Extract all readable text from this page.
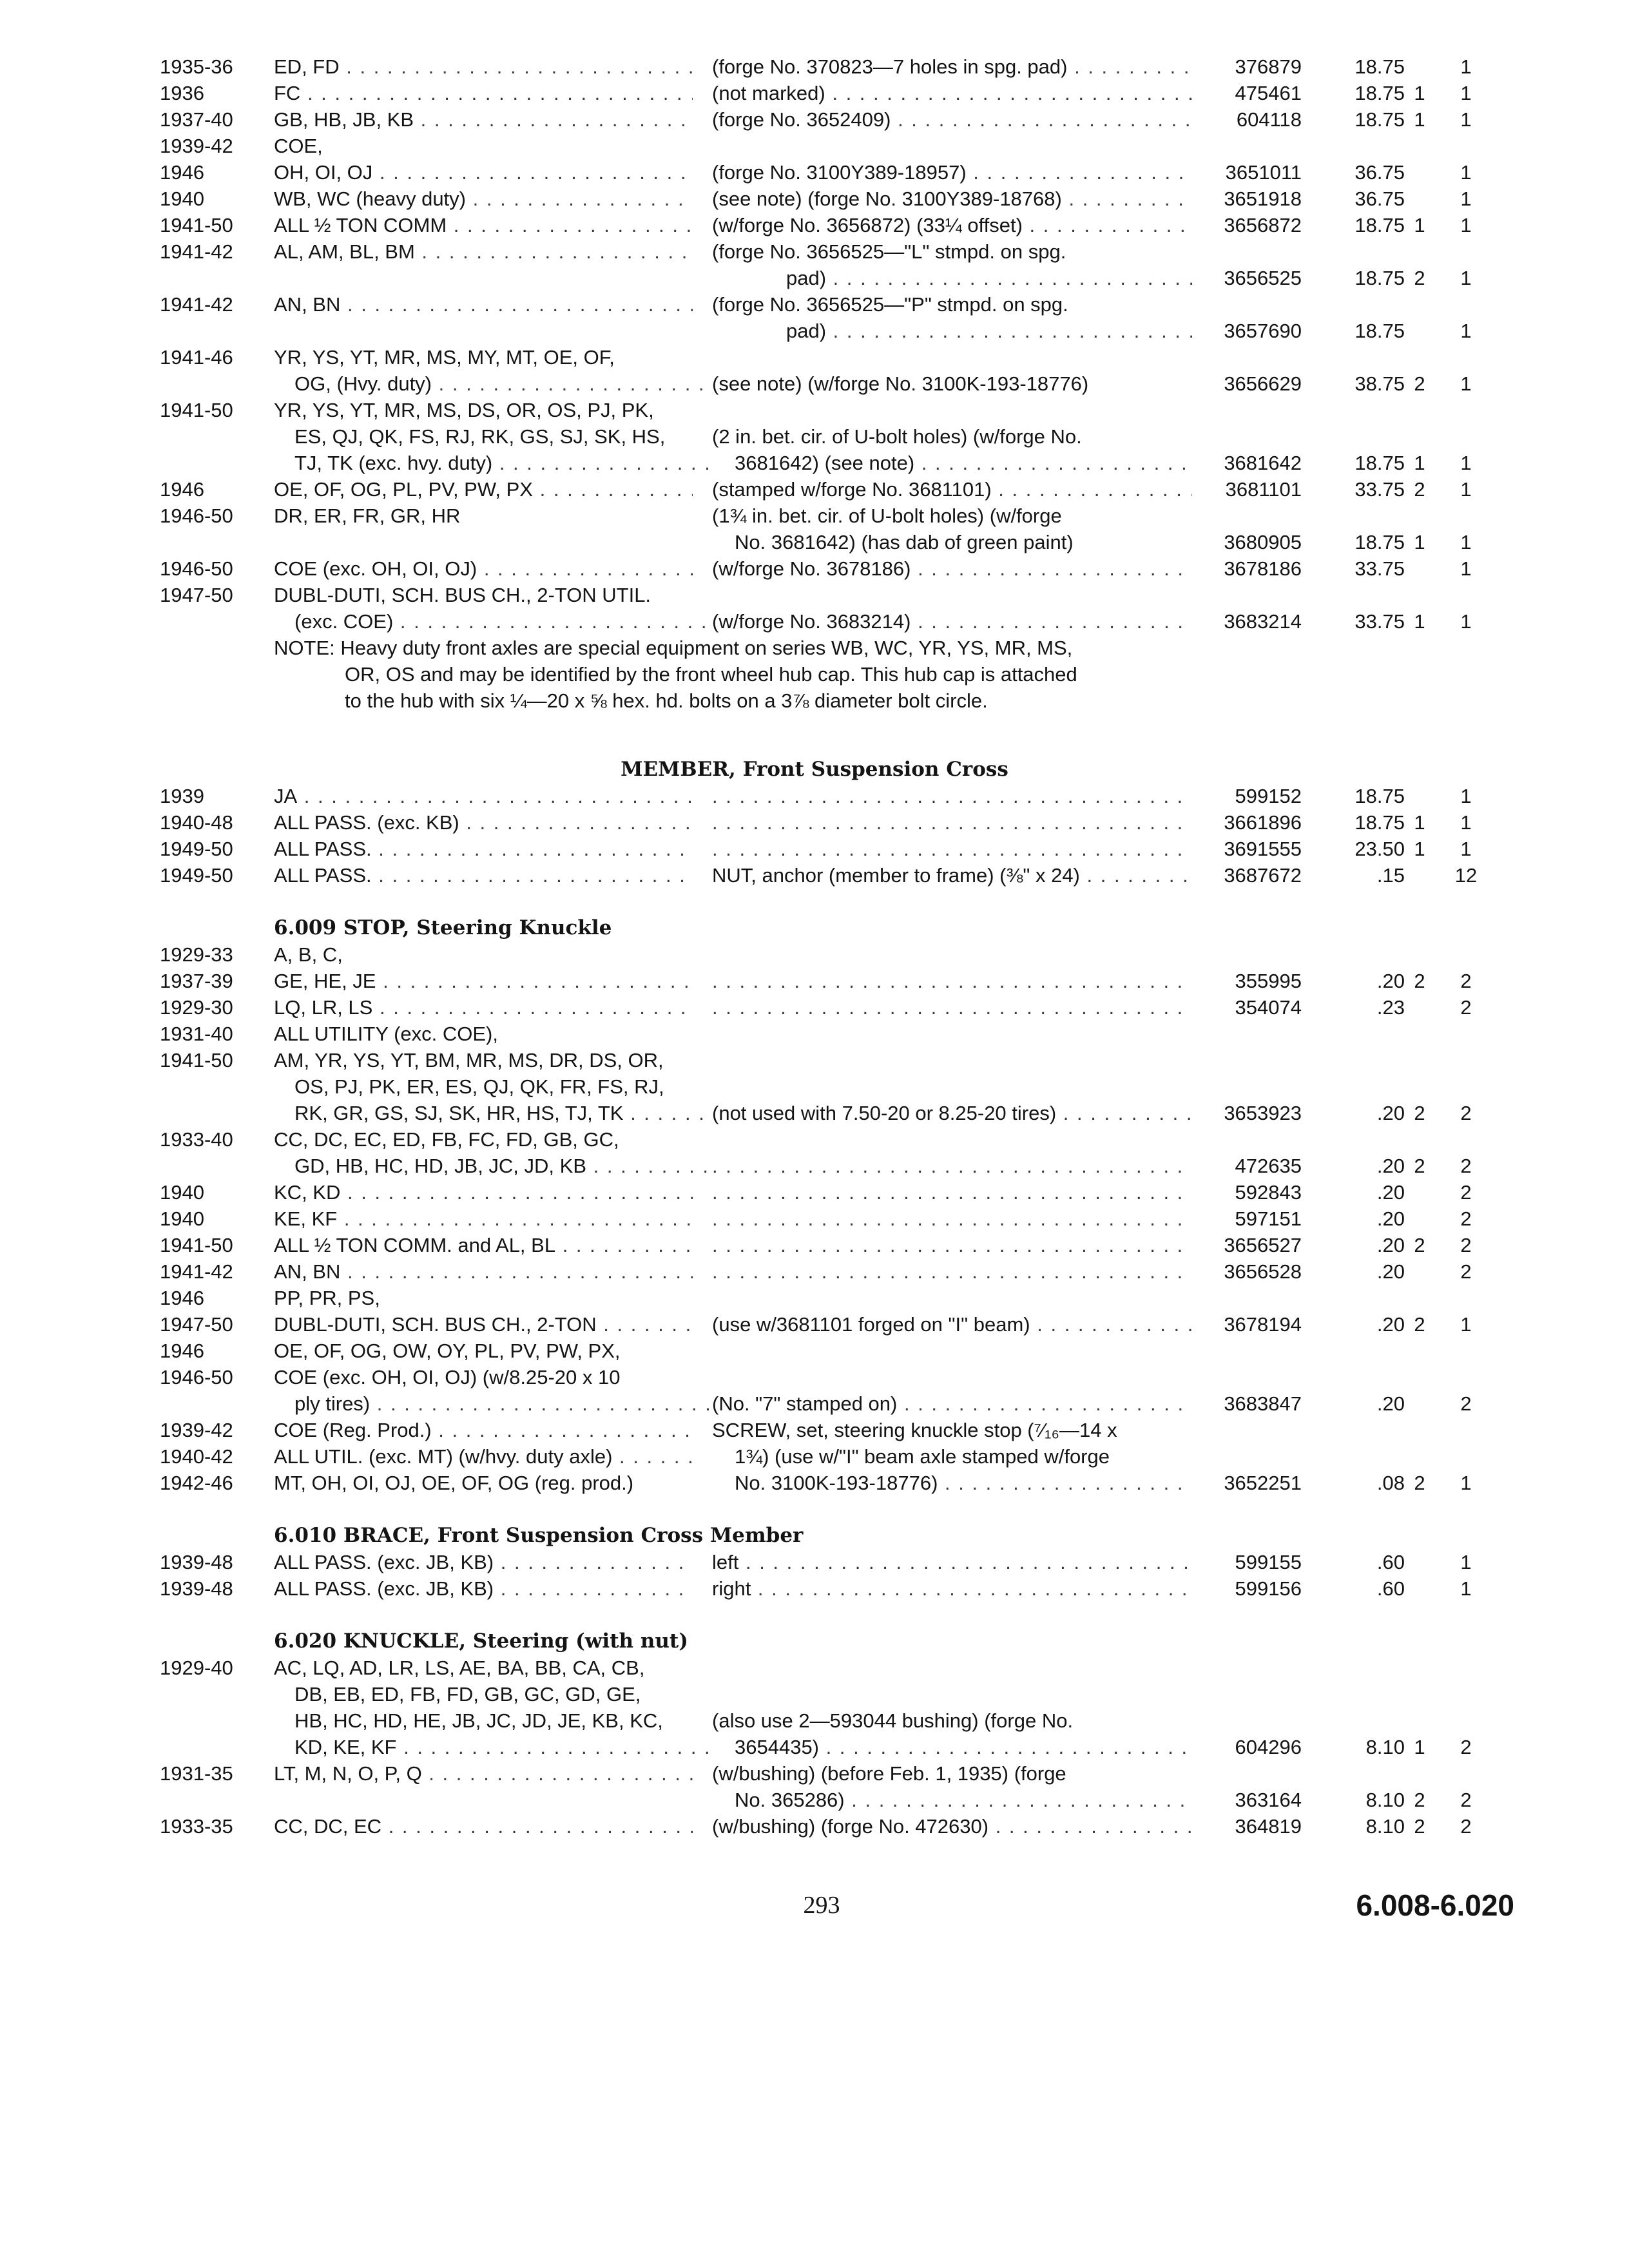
1935-36	ED, FD . . .	(forge No. 370823—7 holes in spg. pad) . . .	376879	18.75	1
1936	FC . . .	(not marked) . . .	475461	18.75 1	1
1937-40	GB, HB, JB, KB . . .	(forge No. 3652409) . . .	604118	18.75 1	1
1939-42	COE,
1946	OH, OI, OJ . . .	(forge No. 3100Y389-18957) . . .	3651011	36.75	1
1940	WB, WC (heavy duty) . . .	(see note) (forge No. 3100Y389-18768) . . .	3651918	36.75	1
1941-50	ALL ½ TON COMM . . .	(w/forge No. 3656872) (33¼ offset) . . .	3656872	18.75 1	1
1941-42	AL, AM, BL, BM . . .	(forge No. 3656525—"L" stmpd. on spg.
pad) . . .	3656525	18.75 2	1
1941-42	AN, BN . . .	(forge No. 3656525—"P" stmpd. on spg.
pad) . . .	3657690	18.75	1
1941-46	YR, YS, YT, MR, MS, MY, MT, OE, OF,
OG, (Hvy. duty) . . .	(see note) (w/forge No. 3100K-193-18776)	3656629	38.75 2	1
1941-50	YR, YS, YT, MR, MS, DS, OR, OS, PJ, PK,
ES, QJ, QK, FS, RJ, RK, GS, SJ, SK, HS,	(2 in. bet. cir. of U-bolt holes) (w/forge No.
TJ, TK (exc. hvy. duty) . . .	3681642) (see note) . . .	3681642	18.75 1	1
1946	OE, OF, OG, PL, PV, PW, PX . . .	(stamped w/forge No. 3681101) . . .	3681101	33.75 2	1
1946-50	DR, ER, FR, GR, HR	(1¾ in. bet. cir. of U-bolt holes) (w/forge
No. 3681642) (has dab of green paint)	3680905	18.75 1	1
1946-50	COE (exc. OH, OI, OJ) . . .	(w/forge No. 3678186) . . .	3678186	33.75	1
1947-50	DUBL-DUTI, SCH. BUS CH., 2-TON UTIL.
(exc. COE) . . .	(w/forge No. 3683214) . . .	3683214	33.75 1	1
NOTE: Heavy duty front axles are special equipment on series WB, WC, YR, YS, MR, MS,
OR, OS and may be identified by the front wheel hub cap. This hub cap is attached
to the hub with six ¼—20 x ⅝ hex. hd. bolts on a 3⅞ diameter bolt circle.
MEMBER, Front Suspension Cross
1939	JA . . . . . .	599152	18.75	1
1940-48	ALL PASS. (exc. KB) . . . . . .	3661896	18.75 1	1
1949-50	ALL PASS. . . . . . .	3691555	23.50 1	1
1949-50	ALL PASS. . . .	NUT, anchor (member to frame) (⅜" x 24) . . .	3687672	.15	12
6.009 STOP, Steering Knuckle
1929-33	A, B, C,
1937-39	GE, HE, JE . . . . . .	355995	.20 2	2
1929-30	LQ, LR, LS . . . . . .	354074	.23	2
1931-40	ALL UTILITY (exc. COE),
1941-50	AM, YR, YS, YT, BM, MR, MS, DR, DS, OR,
OS, PJ, PK, ER, ES, QJ, QK, FR, FS, RJ,
RK, GR, GS, SJ, SK, HR, HS, TJ, TK . . .	(not used with 7.50-20 or 8.25-20 tires) . . .	3653923	.20 2	2
1933-40	CC, DC, EC, ED, FB, FC, FD, GB, GC,
GD, HB, HC, HD, JB, JC, JD, KB . . . . . .	472635	.20 2	2
1940	KC, KD . . . . . .	592843	.20	2
1940	KE, KF . . . . . .	597151	.20	2
1941-50	ALL ½ TON COMM. and AL, BL . . . . . .	3656527	.20 2	2
1941-42	AN, BN . . . . . .	3656528	.20	2
1946	PP, PR, PS,
1947-50	DUBL-DUTI, SCH. BUS CH., 2-TON . . .	(use w/3681101 forged on "I" beam) . . .	3678194	.20 2	1
1946	OE, OF, OG, OW, OY, PL, PV, PW, PX,
1946-50	COE (exc. OH, OI, OJ) (w/8.25-20 x 10
ply tires) . . .	(No. "7" stamped on) . . .	3683847	.20	2
1939-42	COE (Reg. Prod.) . . .	SCREW, set, steering knuckle stop (⁷⁄₁₆—14 x
1940-42	ALL UTIL. (exc. MT) (w/hvy. duty axle) . . .	1¾) (use w/"I" beam axle stamped w/forge
1942-46	MT, OH, OI, OJ, OE, OF, OG (reg. prod.)	No. 3100K-193-18776) . . .	3652251	.08 2	1
6.010 BRACE, Front Suspension Cross Member
1939-48	ALL PASS. (exc. JB, KB) . . .	left . . .	599155	.60	1
1939-48	ALL PASS. (exc. JB, KB) . . .	right . . .	599156	.60	1
6.020 KNUCKLE, Steering (with nut)
1929-40	AC, LQ, AD, LR, LS, AE, BA, BB, CA, CB,
DB, EB, ED, FB, FD, GB, GC, GD, GE,
HB, HC, HD, HE, JB, JC, JD, JE, KB, KC,	(also use 2—593044 bushing) (forge No.
KD, KE, KF . . .	3654435) . . .	604296	8.10 1	2
1931-35	LT, M, N, O, P, Q . . .	(w/bushing) (before Feb. 1, 1935) (forge
No. 365286) . . .	363164	8.10 2	2
1933-35	CC, DC, EC . . .	(w/bushing) (forge No. 472630) . . .	364819	8.10 2	2
293	6.008-6.020
